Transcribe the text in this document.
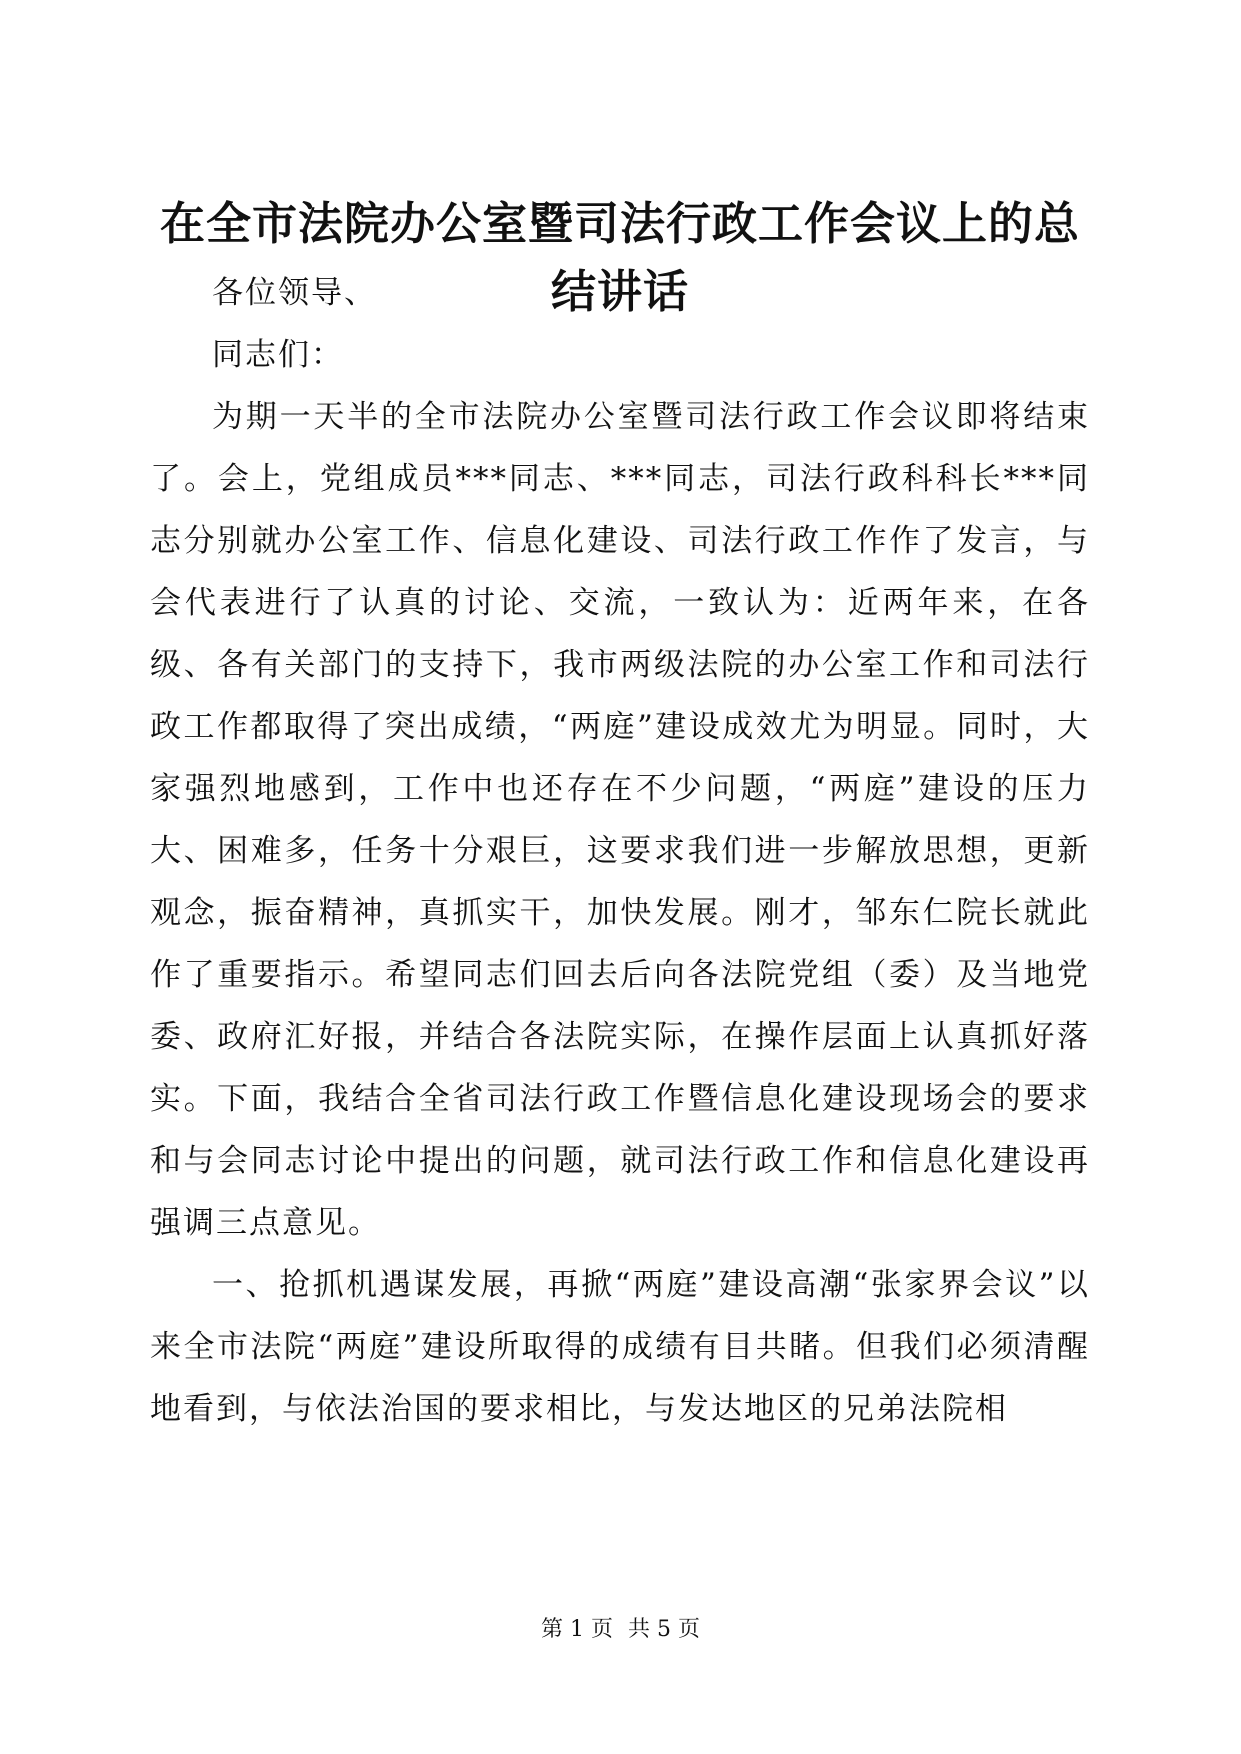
在全市法院办公室暨司法行政工作会议上的总结讲话

各位领导、

同志们：

为期一天半的全市法院办公室暨司法行政工作会议即将结束了。会上，党组成员***同志、***同志，司法行政科科长***同志分别就办公室工作、信息化建设、司法行政工作作了发言，与会代表进行了认真的讨论、交流，一致认为：近两年来，在各级、各有关部门的支持下，我市两级法院的办公室工作和司法行政工作都取得了突出成绩，“两庭”建设成效尤为明显。同时，大家强烈地感到，工作中也还存在不少问题，“两庭”建设的压力大、困难多，任务十分艰巨，这要求我们进一步解放思想，更新观念，振奋精神，真抓实干，加快发展。刚才，邹东仁院长就此作了重要指示。希望同志们回去后向各法院党组（委）及当地党委、政府汇好报，并结合各法院实际，在操作层面上认真抓好落实。下面，我结合全省司法行政工作暨信息化建设现场会的要求和与会同志讨论中提出的问题，就司法行政工作和信息化建设再强调三点意见。

一、抢抓机遇谋发展，再掀“两庭”建设高潮“张家界会议”以来全市法院“两庭”建设所取得的成绩有目共睹。但我们必须清醒地看到，与依法治国的要求相比，与发达地区的兄弟法院相

第 1 页 共 5 页
